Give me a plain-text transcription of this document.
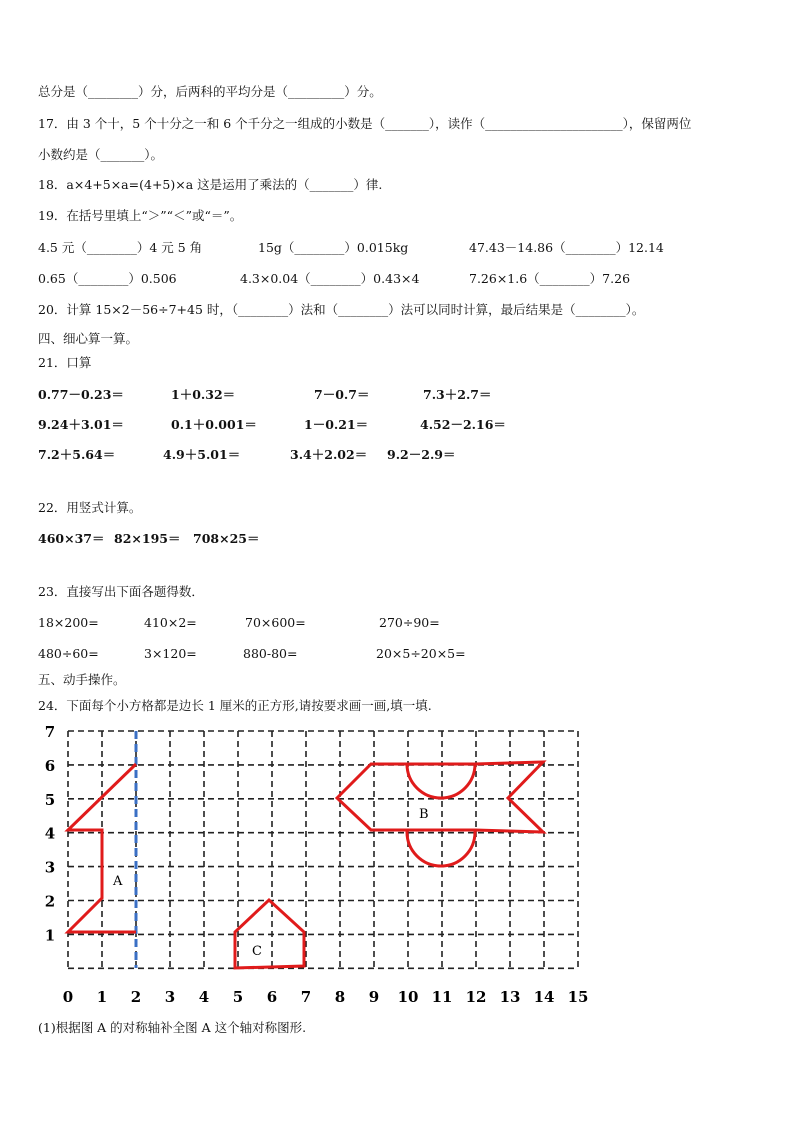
总分是（________）分，后两科的平均分是（_________）分。
17．由 3 个十，5 个十分之一和 6 个千分之一组成的小数是（_______），读作（______________________），保留两位
小数约是（_______）。
18．a×4+5×a=(4+5)×a 这是运用了乘法的（_______）律.
19．在括号里填上“＞”“＜”或“＝”。
4.5 元（________）4 元 5 角	15g（________）0.015kg	47.43－14.86（________）12.14
0.65（________）0.506	4.3×0.04（________）0.43×4	7.26×1.6（________）7.26
20．计算 15×2－56÷7+45 时，（________）法和（________）法可以同时计算，最后结果是（________）。
四、细心算一算。
21．口算
0.77－0.23＝	1＋0.32＝	7－0.7＝	7.3＋2.7＝
9.24＋3.01＝	0.1＋0.001＝	1－0.21＝	4.52－2.16＝
7.2＋5.64＝	4.9＋5.01＝	3.4＋2.02＝ 9.2－2.9＝
22．用竖式计算。
460×37＝ 82×195＝ 708×25＝
23．直接写出下面各题得数．
18×200=	410×2=	70×600=	270÷90=
480÷60=	3×120=	880-80=	20×5÷20×5=
五、动手操作。
24．下面每个小方格都是边长 1 厘米的正方形,请按要求画一画,填一填.
0 1 2 3 4 5 6 7 8 9 10 11 12 13 14 15
1
2
3
4
5
6
7
A
B
C
(1)根据图 A 的对称轴补全图 A 这个轴对称图形.
